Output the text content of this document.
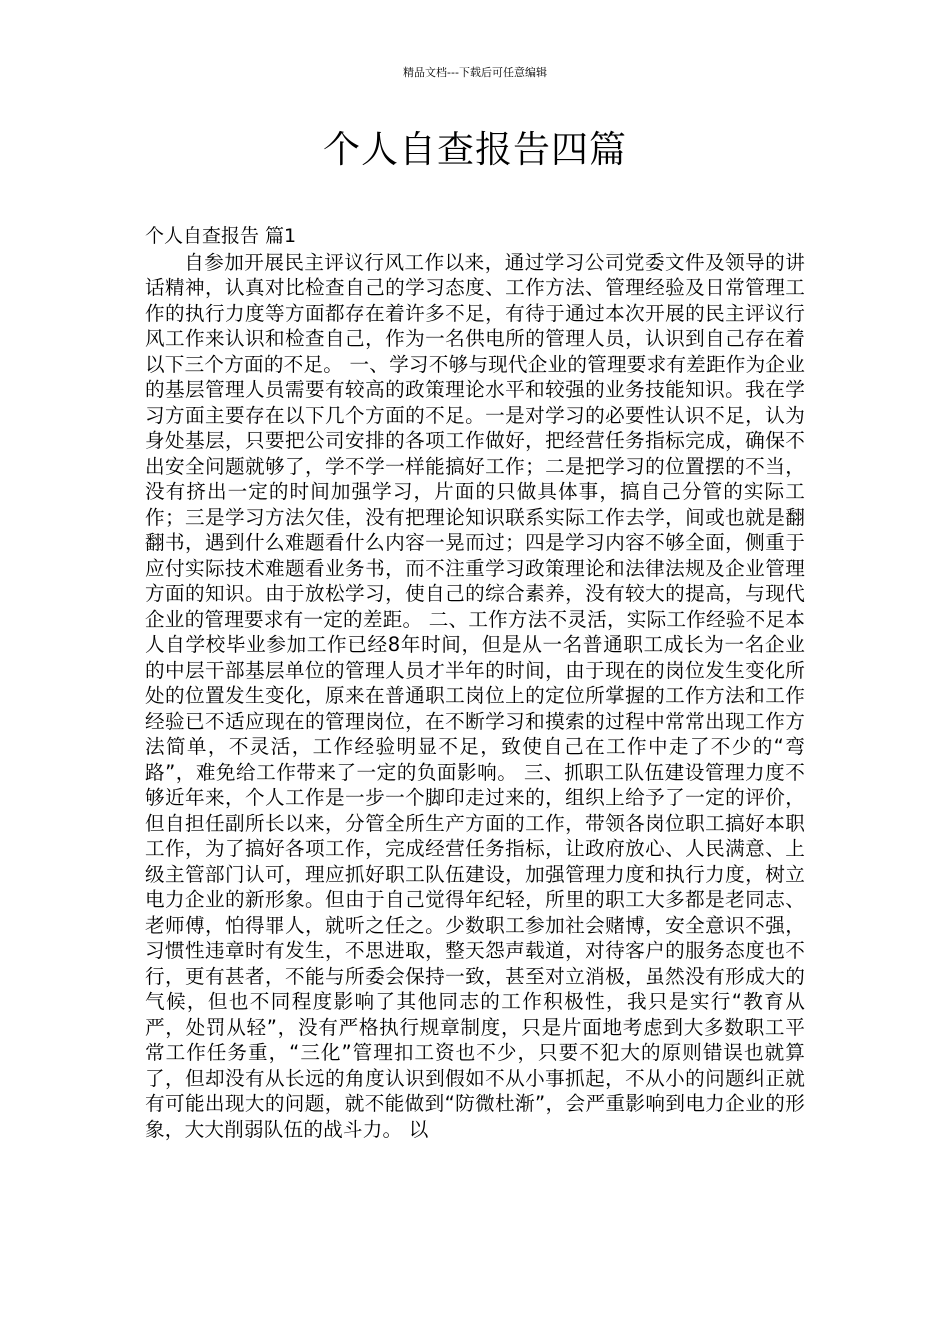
精品文档---下载后可任意编辑
个人自查报告四篇

个人自查报告 篇1

自参加开展民主评议行风工作以来，通过学习公司党委文件及领导的讲话精神，认真对比检查自己的学习态度、工作方法、管理经验及日常管理工作的执行力度等方面都存在着许多不足，有待于通过本次开展的民主评议行风工作来认识和检查自己，作为一名供电所的管理人员，认识到自己存在着以下三个方面的不足。 一、学习不够与现代企业的管理要求有差距作为企业的基层管理人员需要有较高的政策理论水平和较强的业务技能知识。我在学习方面主要存在以下几个方面的不足。一是对学习的必要性认识不足，认为身处基层，只要把公司安排的各项工作做好，把经营任务指标完成，确保不出安全问题就够了，学不学一样能搞好工作；二是把学习的位置摆的不当，没有挤出一定的时间加强学习，片面的只做具体事，搞自己分管的实际工作；三是学习方法欠佳，没有把理论知识联系实际工作去学，间或也就是翻翻书，遇到什么难题看什么内容一晃而过；四是学习内容不够全面，侧重于应付实际技术难题看业务书，而不注重学习政策理论和法律法规及企业管理方面的知识。由于放松学习，使自己的综合素养，没有较大的提高，与现代企业的管理要求有一定的差距。 二、工作方法不灵活，实际工作经验不足本人自学校毕业参加工作已经8年时间，但是从一名普通职工成长为一名企业的中层干部基层单位的管理人员才半年的时间，由于现在的岗位发生变化所处的位置发生变化，原来在普通职工岗位上的定位所掌握的工作方法和工作经验已不适应现在的管理岗位，在不断学习和摸索的过程中常常出现工作方法简单，不灵活，工作经验明显不足，致使自己在工作中走了不少的“弯路”，难免给工作带来了一定的负面影响。 三、抓职工队伍建设管理力度不够近年来，个人工作是一步一个脚印走过来的，组织上给予了一定的评价，但自担任副所长以来，分管全所生产方面的工作，带领各岗位职工搞好本职工作，为了搞好各项工作，完成经营任务指标，让政府放心、人民满意、上级主管部门认可，理应抓好职工队伍建设，加强管理力度和执行力度，树立电力企业的新形象。但由于自己觉得年纪轻，所里的职工大多都是老同志、老师傅，怕得罪人，就听之任之。少数职工参加社会赌博，安全意识不强，习惯性违章时有发生，不思进取，整天怨声载道，对待客户的服务态度也不行，更有甚者，不能与所委会保持一致，甚至对立消极，虽然没有形成大的气候，但也不同程度影响了其他同志的工作积极性，我只是实行“教育从严，处罚从轻”，没有严格执行规章制度，只是片面地考虑到大多数职工平常工作任务重，“三化”管理扣工资也不少，只要不犯大的原则错误也就算了，但却没有从长远的角度认识到假如不从小事抓起，不从小的问题纠正就有可能出现大的问题，就不能做到“防微杜渐”，会严重影响到电力企业的形象，大大削弱队伍的战斗力。 以
